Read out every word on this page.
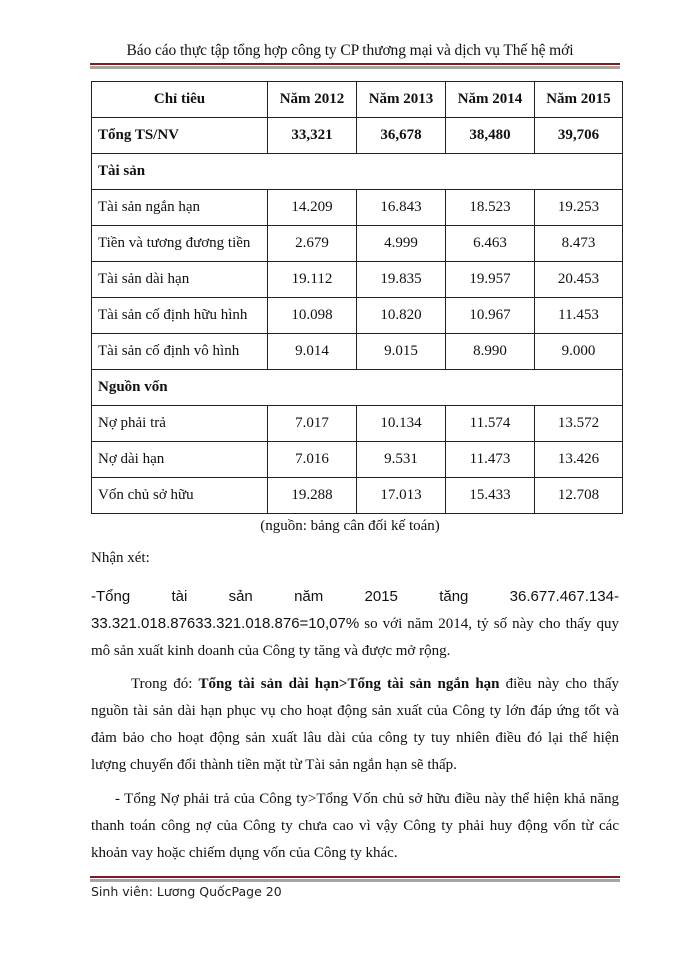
Báo cáo thực tập tổng hợp công ty CP thương mại và dịch vụ Thế hệ mới
Chỉ tiêu	Năm 2012	Năm 2013	Năm 2014	Năm 2015
Tổng TS/NV	33,321	36,678	38,480	39,706
Tài sản				
Tài sản ngắn hạn	14.209	16.843	18.523	19.253
Tiền và tương đương tiền	2.679	4.999	6.463	8.473
Tài sản dài hạn	19.112	19.835	19.957	20.453
Tài sản cố định hữu hình	10.098	10.820	10.967	11.453
Tài sản cố định vô hình	9.014	9.015	8.990	9.000
Nguồn vốn				
Nợ phải trả	7.017	10.134	11.574	13.572
Nợ dài hạn	7.016	9.531	11.473	13.426
Vốn chủ sở hữu	19.288	17.013	15.433	12.708
(nguồn: bảng cân đối kế toán)
Nhận xét:
-Tổng	tài	sản	năm	2015	tăng	36.677.467.134-
33.321.018.87633.321.018.876=10,07% so với năm 2014, tỷ số này cho thấy quy mô sản xuất kinh doanh của Công ty tăng và được mở rộng.
Trong đó: Tổng tài sản dài hạn>Tổng tài sản ngắn hạn điều này cho thấy nguồn tài sản dài hạn phục vụ cho hoạt động sản xuất của Công ty lớn đáp ứng tốt và đảm bảo cho hoạt động sản xuất lâu dài của công ty tuy nhiên điều đó lại thể hiện lượng chuyển đổi thành tiền mặt từ Tài sản ngắn hạn sẽ thấp.
- Tổng Nợ phải trả của Công ty>Tổng Vốn chủ sở hữu điều này thể hiện khả năng thanh toán công nợ của Công ty chưa cao vì vậy Công ty phải huy động vốn từ các khoản vay hoặc chiếm dụng vốn của Công ty khác.
Sinh viên: Lương QuốcPage 20
